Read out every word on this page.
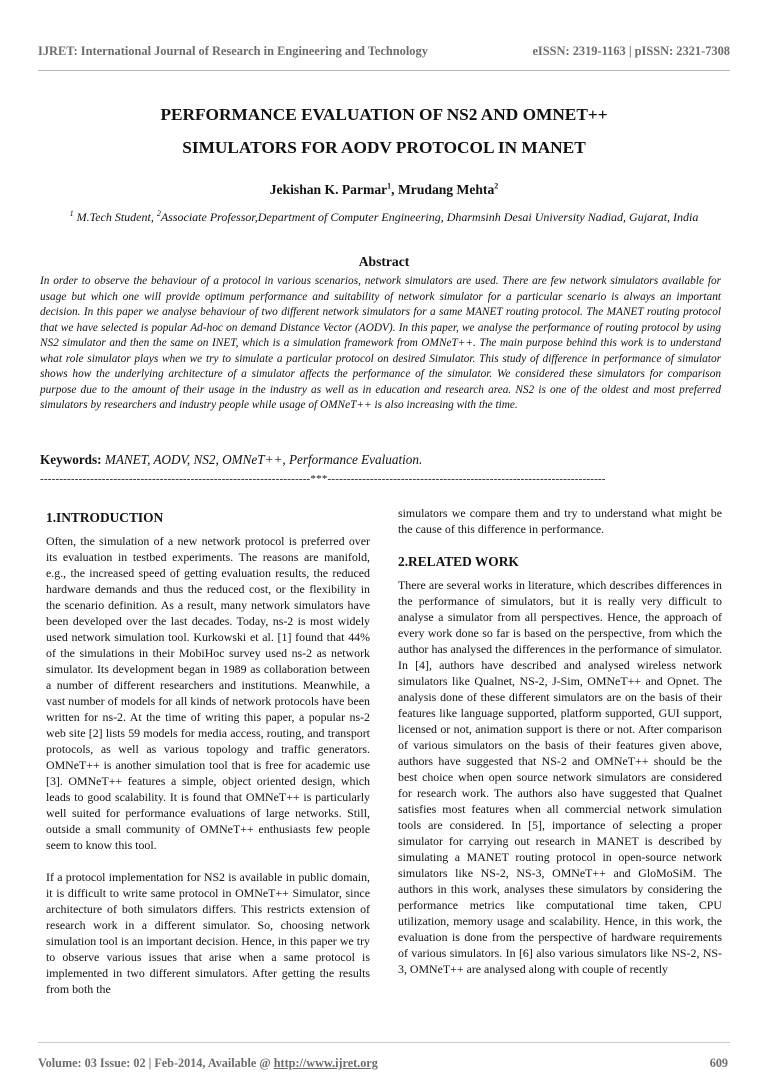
IJRET: International Journal of Research in Engineering and Technology	eISSN: 2319-1163 | pISSN: 2321-7308
PERFORMANCE EVALUATION OF NS2 AND OMNET++
SIMULATORS FOR AODV PROTOCOL IN MANET

Jekishan K. Parmar$^1$, Mrudang Mehta$^2$

$^1$ M.Tech Student, $^2$Associate Professor,Department of Computer Engineering, Dharmsinh Desai University Nadiad, Gujarat, India

Abstract

In order to observe the behaviour of a protocol in various scenarios, network simulators are used. There are few network simulators available for usage but which one will provide optimum performance and suitability of network simulator for a particular scenario is always an important decision. In this paper we analyse behaviour of two different network simulators for a same MANET routing protocol. The MANET routing protocol that we have selected is popular Ad-hoc on demand Distance Vector (AODV). In this paper, we analyse the performance of routing protocol by using NS2 simulator and then the same on INET, which is a simulation framework from OMNeT++. The main purpose behind this work is to understand what role simulator plays when we try to simulate a particular protocol on desired Simulator. This study of difference in performance of simulator shows how the underlying architecture of a simulator affects the performance of the simulator. We considered these simulators for comparison purpose due to the amount of their usage in the industry as well as in education and research area. NS2 is one of the oldest and most preferred simulators by researchers and industry people while usage of OMNeT++ is also increasing with the time.

Keywords: MANET, AODV, NS2, OMNeT++, Performance Evaluation.

----------------------------------------------------------------------***------------------------------------------------------------------------

1.INTRODUCTION

Often, the simulation of a new network protocol is preferred over its evaluation in testbed experiments. The reasons are manifold, e.g., the increased speed of getting evaluation results, the reduced hardware demands and thus the reduced cost, or the flexibility in the scenario definition. As a result, many network simulators have been developed over the last decades. Today, ns-2 is most widely used network simulation tool. Kurkowski et al. [1] found that 44% of the simulations in their MobiHoc survey used ns-2 as network simulator. Its development began in 1989 as collaboration between a number of different researchers and institutions. Meanwhile, a vast number of models for all kinds of network protocols have been written for ns-2. At the time of writing this paper, a popular ns-2 web site [2] lists 59 models for media access, routing, and transport protocols, as well as various topology and traffic generators. OMNeT++ is another simulation tool that is free for academic use [3]. OMNeT++ features a simple, object oriented design, which leads to good scalability. It is found that OMNeT++ is particularly well suited for performance evaluations of large networks. Still, outside a small community of OMNeT++ enthusiasts few people seem to know this tool.

If a protocol implementation for NS2 is available in public domain, it is difficult to write same protocol in OMNeT++ Simulator, since architecture of both simulators differs. This restricts extension of research work in a different simulator. So, choosing network simulation tool is an important decision. Hence, in this paper we try to observe various issues that arise when a same protocol is implemented in two different simulators. After getting the results from both the

simulators we compare them and try to understand what might be the cause of this difference in performance.

2.RELATED WORK

There are several works in literature, which describes differences in the performance of simulators, but it is really very difficult to analyse a simulator from all perspectives. Hence, the approach of every work done so far is based on the perspective, from which the author has analysed the differences in the performance of simulator. In [4], authors have described and analysed wireless network simulators like Qualnet, NS-2, J-Sim, OMNeT++ and Opnet. The analysis done of these different simulators are on the basis of their features like language supported, platform supported, GUI support, licensed or not, animation support is there or not. After comparison of various simulators on the basis of their features given above, authors have suggested that NS-2 and OMNeT++ should be the best choice when open source network simulators are considered for research work. The authors also have suggested that Qualnet satisfies most features when all commercial network simulation tools are considered. In [5], importance of selecting a proper simulator for carrying out research in MANET is described by simulating a MANET routing protocol in open-source network simulators like NS-2, NS-3, OMNeT++ and GloMoSiM. The authors in this work, analyses these simulators by considering the performance metrics like computational time taken, CPU utilization, memory usage and scalability. Hence, in this work, the evaluation is done from the perspective of hardware requirements of various simulators. In [6] also various simulators like NS-2, NS-3, OMNeT++ are analysed along with couple of recently

Volume: 03 Issue: 02 | Feb-2014, Available @ http://www.ijret.org	609
